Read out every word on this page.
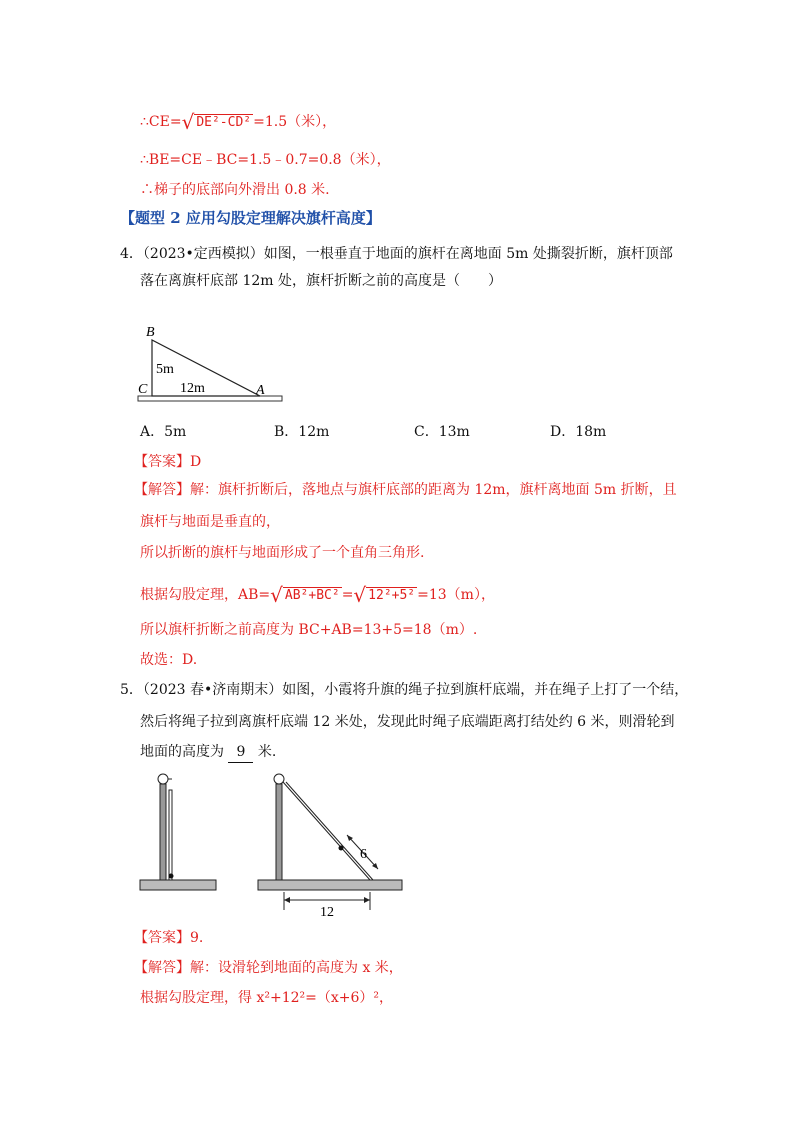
∴CE=√ DE²-CD² =1.5（米），
∴BE=CE﹣BC=1.5﹣0.7=0.8（米），
∴梯子的底部向外滑出 0.8 米.
【题型 2 应用勾股定理解决旗杆高度】
4．（2023•定西模拟）如图，一根垂直于地面的旗杆在离地面 5m 处撕裂折断，旗杆顶部
落在离旗杆底部 12m 处，旗杆折断之前的高度是（　　）
B
C	A
5m
12m
A．5m	B．12m	C．13m	D．18m
【答案】D
【解答】解：旗杆折断后，落地点与旗杆底部的距离为 12m，旗杆离地面 5m 折断，且
旗杆与地面是垂直的，
所以折断的旗杆与地面形成了一个直角三角形.
根据勾股定理，AB=√ AB²+BC² =√ 12²+5² =13（m），
所以旗杆折断之前高度为 BC+AB=13+5=18（m）.
故选：D.
5．（2023 春•济南期末）如图，小霞将升旗的绳子拉到旗杆底端，并在绳子上打了一个结，
然后将绳子拉到离旗杆底端 12 米处，发现此时绳子底端距离打结处约 6 米，则滑轮到
地面的高度为 9 米.
6
12
【答案】9.
【解答】解：设滑轮到地面的高度为 x 米，
根据勾股定理，得 x²+12²=（x+6）²，
